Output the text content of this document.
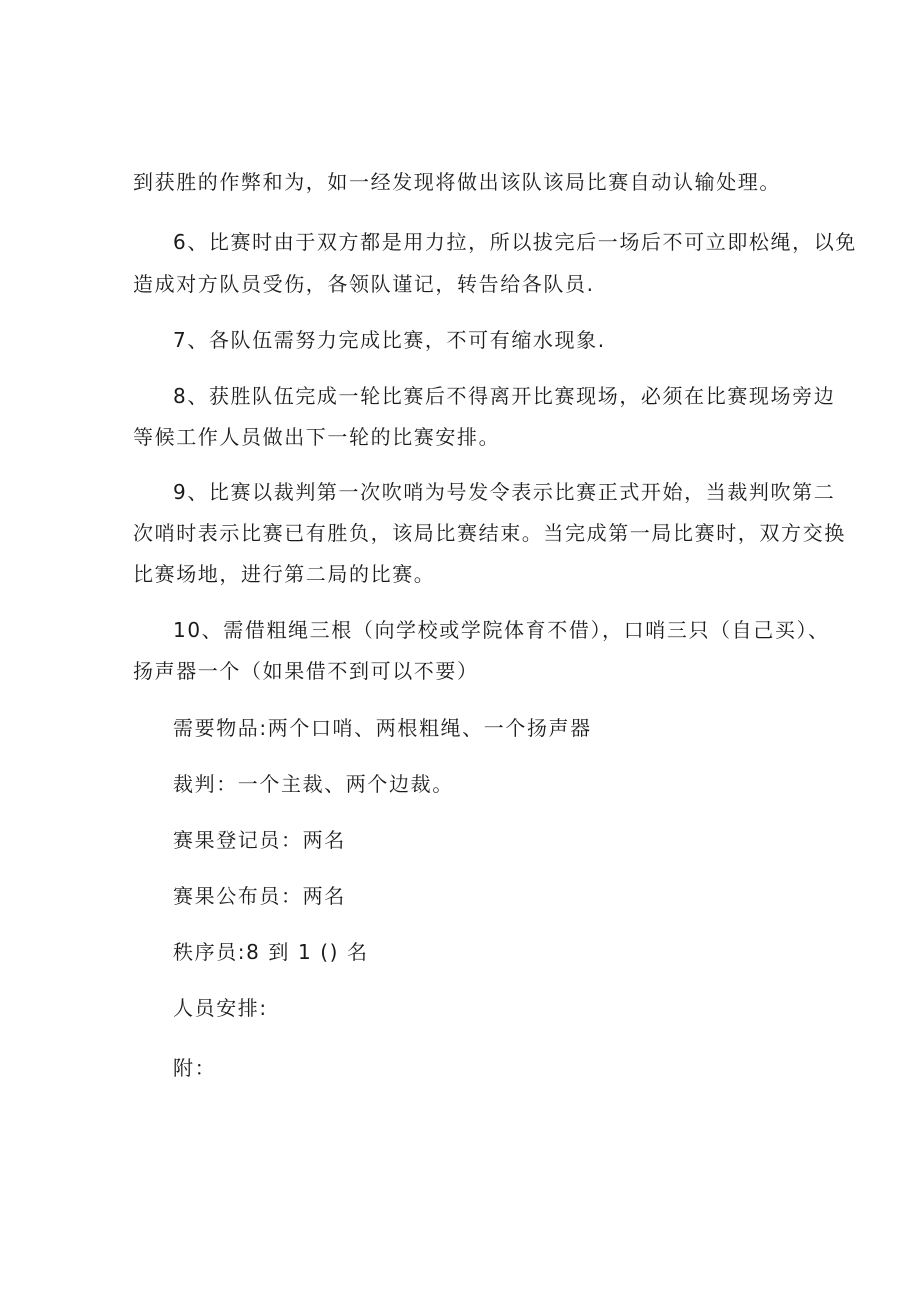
到获胜的作弊和为，如一经发现将做出该队该局比赛自动认输处理。
6、比赛时由于双方都是用力拉，所以拔完后一场后不可立即松绳，以免
造成对方队员受伤，各领队谨记，转告给各队员.
7、各队伍需努力完成比赛，不可有缩水现象.
8、获胜队伍完成一轮比赛后不得离开比赛现场，必须在比赛现场旁边
等候工作人员做出下一轮的比赛安排。
9、比赛以裁判第一次吹哨为号发令表示比赛正式开始，当裁判吹第二
次哨时表示比赛已有胜负，该局比赛结束。当完成第一局比赛时，双方交换
比赛场地，进行第二局的比赛。
10、需借粗绳三根（向学校或学院体育不借），口哨三只（自己买）、
扬声器一个（如果借不到可以不要）
需要物品:两个口哨、两根粗绳、一个扬声器
裁判：一个主裁、两个边裁。
赛果登记员：两名
赛果公布员：两名
秩序员:8 到 1 () 名
人员安排:
附：
